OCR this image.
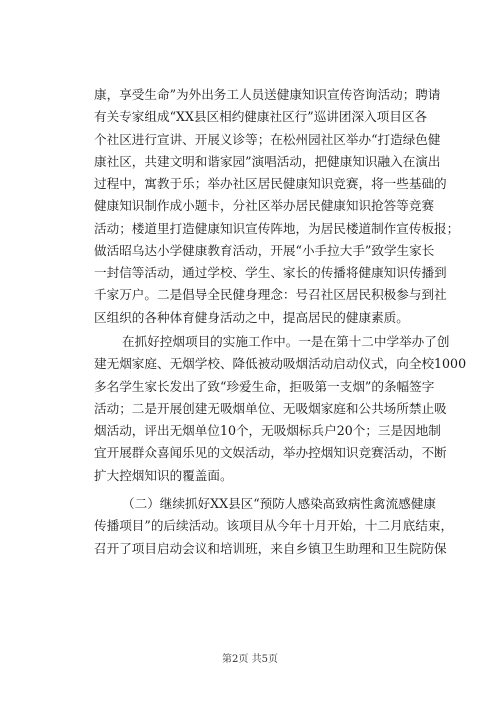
康，享受生命”为外出务工人员送健康知识宣传咨询活动；聘请
有关专家组成“XX县区相约健康社区行”巡讲团深入项目区各
个社区进行宣讲、开展义诊等；在松州园社区举办“打造绿色健
康社区，共建文明和谐家园”演唱活动，把健康知识融入在演出
过程中，寓教于乐；举办社区居民健康知识竞赛，将一些基础的
健康知识制作成小题卡，分社区举办居民健康知识抢答等竞赛
活动；楼道里打造健康知识宣传阵地，为居民楼道制作宣传板报；
做活昭乌达小学健康教育活动，开展“小手拉大手”致学生家长
一封信等活动，通过学校、学生、家长的传播将健康知识传播到
千家万户。二是倡导全民健身理念：号召社区居民积极参与到社
区组织的各种体育健身活动之中，提高居民的健康素质。
在抓好控烟项目的实施工作中。一是在第十二中学举办了创
建无烟家庭、无烟学校、降低被动吸烟活动启动仪式，向全校1000
多名学生家长发出了致“珍爱生命，拒吸第一支烟”的条幅签字
活动；二是开展创建无吸烟单位、无吸烟家庭和公共场所禁止吸
烟活动，评出无烟单位10个，无吸烟标兵户20个；三是因地制
宜开展群众喜闻乐见的文娱活动，举办控烟知识竞赛活动，不断
扩大控烟知识的覆盖面。
（二）继续抓好XX县区“预防人感染高致病性禽流感健康
传播项目”的后续活动。该项目从今年十月开始，十二月底结束，
召开了项目启动会议和培训班，来自乡镇卫生助理和卫生院防保
第2页 共5页
